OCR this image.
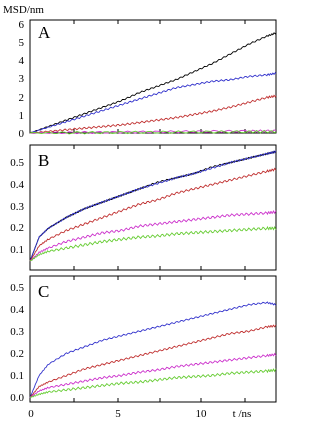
MSD/nm
A
0
1
2
3
4
5
6
B
0.1
0.2
0.3
0.4
0.5
C
0.0
0.1
0.2
0.3
0.4
0.5
0	5	10 t /ns
